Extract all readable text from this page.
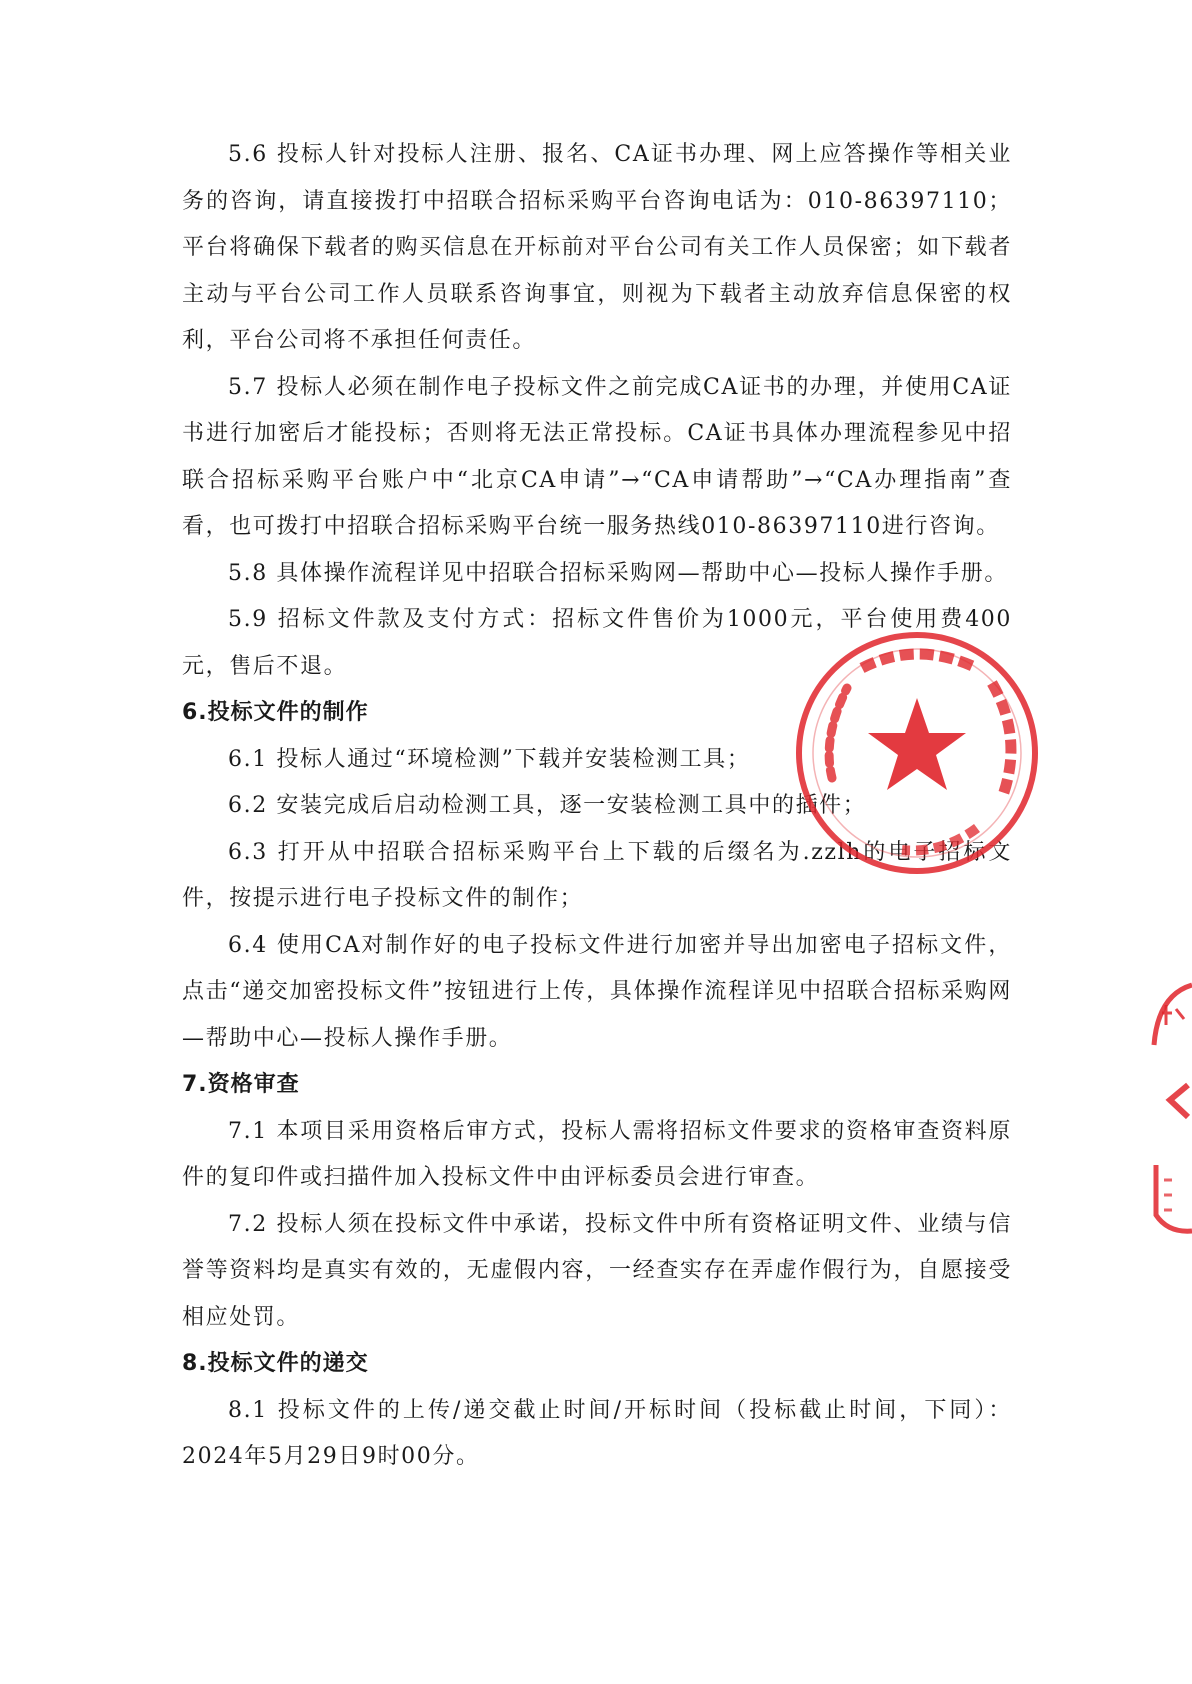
5.6 投标人针对投标人注册、报名、CA证书办理、网上应答操作等相关业务的咨询，请直接拨打中招联合招标采购平台咨询电话为：010-86397110；平台将确保下载者的购买信息在开标前对平台公司有关工作人员保密；如下载者主动与平台公司工作人员联系咨询事宜，则视为下载者主动放弃信息保密的权利，平台公司将不承担任何责任。

5.7 投标人必须在制作电子投标文件之前完成CA证书的办理，并使用CA证书进行加密后才能投标；否则将无法正常投标。CA证书具体办理流程参见中招联合招标采购平台账户中“北京CA申请”→“CA申请帮助”→“CA办理指南”查看，也可拨打中招联合招标采购平台统一服务热线010-86397110进行咨询。

5.8 具体操作流程详见中招联合招标采购网—帮助中心—投标人操作手册。

5.9 招标文件款及支付方式：招标文件售价为1000元，平台使用费400元，售后不退。

6.投标文件的制作

6.1 投标人通过“环境检测”下载并安装检测工具；

6.2 安装完成后启动检测工具，逐一安装检测工具中的插件；

6.3 打开从中招联合招标采购平台上下载的后缀名为.zzlh的电子招标文件，按提示进行电子投标文件的制作；

6.4 使用CA对制作好的电子投标文件进行加密并导出加密电子招标文件，点击“递交加密投标文件”按钮进行上传，具体操作流程详见中招联合招标采购网—帮助中心—投标人操作手册。

7.资格审查

7.1 本项目采用资格后审方式，投标人需将招标文件要求的资格审查资料原件的复印件或扫描件加入投标文件中由评标委员会进行审查。

7.2 投标人须在投标文件中承诺，投标文件中所有资格证明文件、业绩与信誉等资料均是真实有效的，无虚假内容，一经查实存在弄虚作假行为，自愿接受相应处罚。

8.投标文件的递交

8.1 投标文件的上传/递交截止时间/开标时间（投标截止时间，下同）：2024年5月29日9时00分。
